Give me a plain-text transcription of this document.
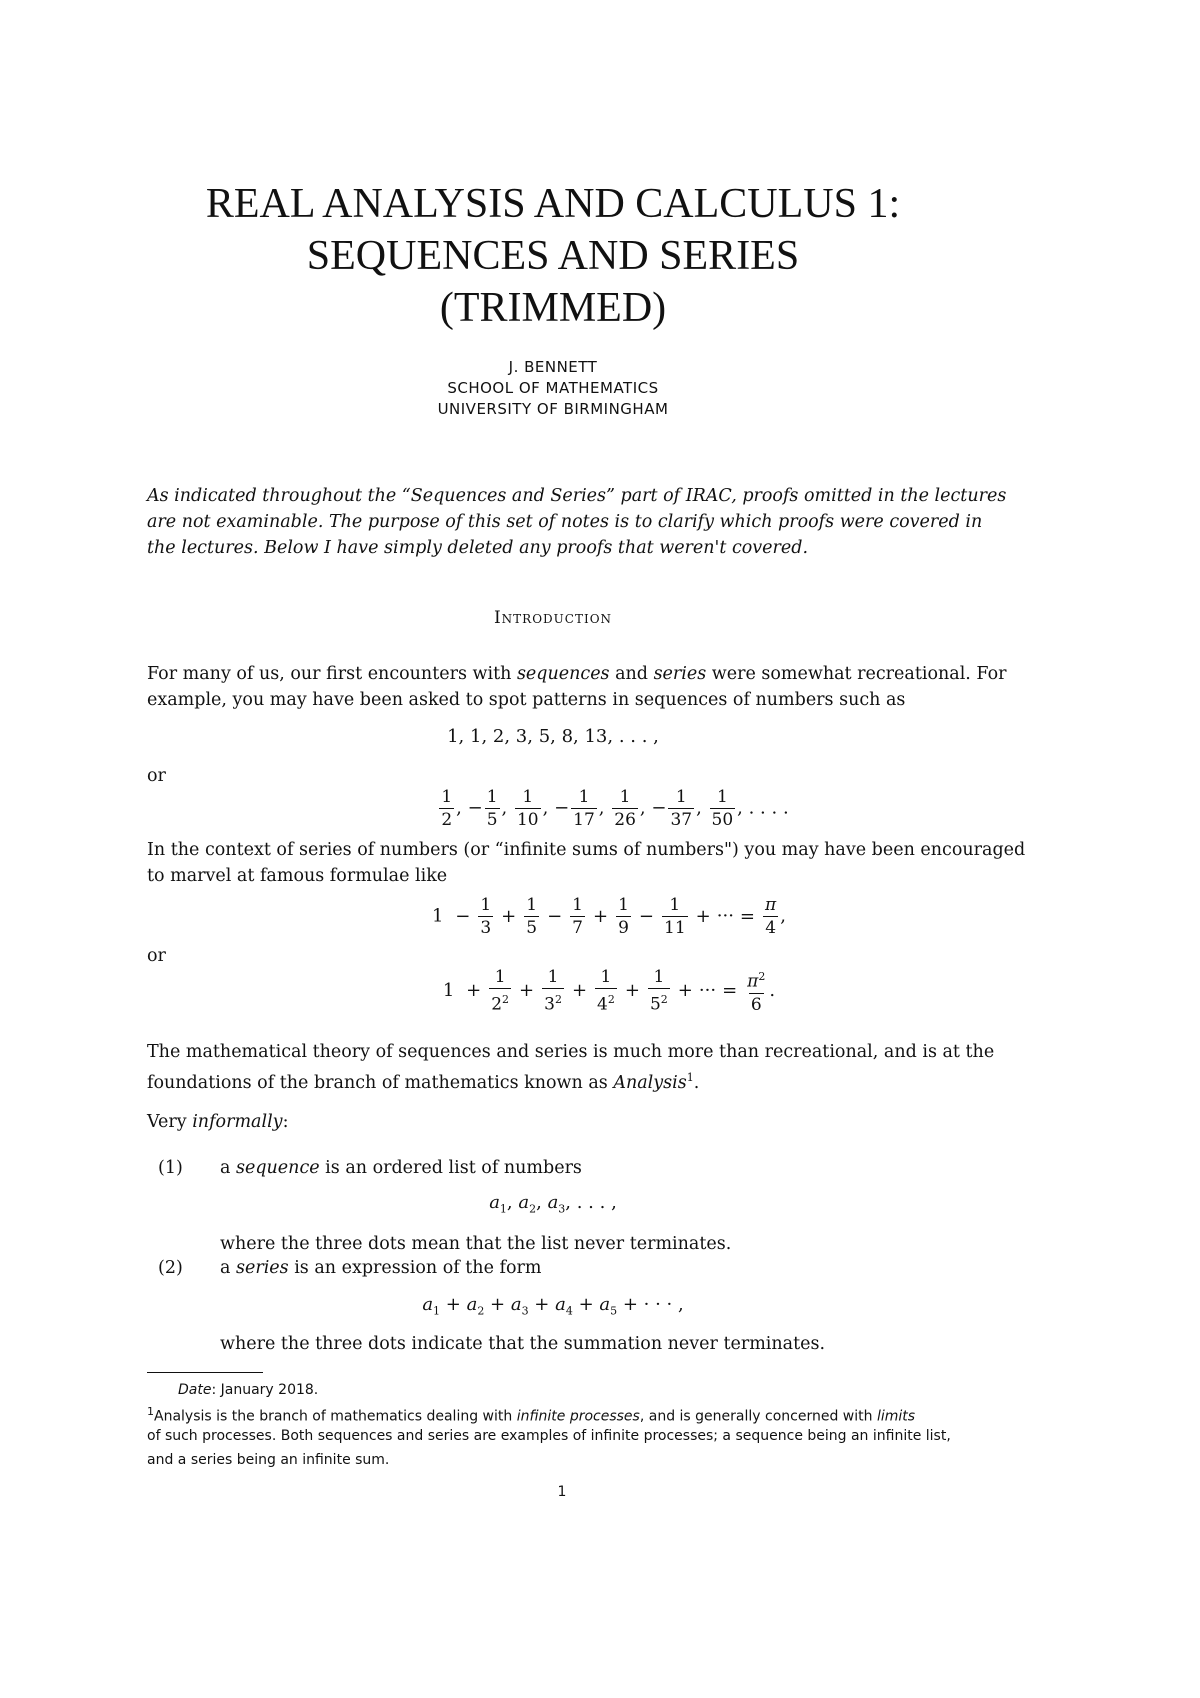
REAL ANALYSIS AND CALCULUS 1:
SEQUENCES AND SERIES
(TRIMMED)
J. BENNETT
SCHOOL OF MATHEMATICS
UNIVERSITY OF BIRMINGHAM
As indicated throughout the “Sequences and Series” part of IRAC, proofs omitted in the lectures
are not examinable. The purpose of this set of notes is to clarify which proofs were covered in
the lectures. Below I have simply deleted any proofs that weren't covered.
Introduction
For many of us, our first encounters with sequences and series were somewhat recreational. For
example, you may have been asked to spot patterns in sequences of numbers such as
1, 1, 2, 3, 5, 8, 13, . . . ,
or
$\frac{1}{2}$ , − $\frac{1}{5}$ , $\frac{1}{10}$ , − $\frac{1}{17}$ , $\frac{1}{26}$ , − $\frac{1}{37}$ , $\frac{1}{50}$ , . . . .
In the context of series of numbers (or “infinite sums of numbers") you may have been encouraged
to marvel at famous formulae like
$1 - \frac{1}{3} + \frac{1}{5} - \frac{1}{7} + \frac{1}{9} - \frac{1}{11}$ + ··· = $\frac{\pi}{4}$ ,
or
$1 + \frac{1}{2^2} + \frac{1}{3^2} + \frac{1}{4^2} + \frac{1}{5^2}$ + ··· = $\frac{\pi^2}{6}$ .
The mathematical theory of sequences and series is much more than recreational, and is at the
foundations of the branch of mathematics known as Analysis$^1$.
Very informally:
(1) a sequence is an ordered list of numbers
$a_1$, $a_2$, $a_3$, . . . ,
where the three dots mean that the list never terminates.
(2) a series is an expression of the form
$a_1 + a_2 + a_3 + a_4 + a_5$ + · · · ,
where the three dots indicate that the summation never terminates.
Date: January 2018.
$^1$Analysis is the branch of mathematics dealing with infinite processes, and is generally concerned with limits
of such processes. Both sequences and series are examples of infinite processes; a sequence being an infinite list,
and a series being an infinite sum.
1
